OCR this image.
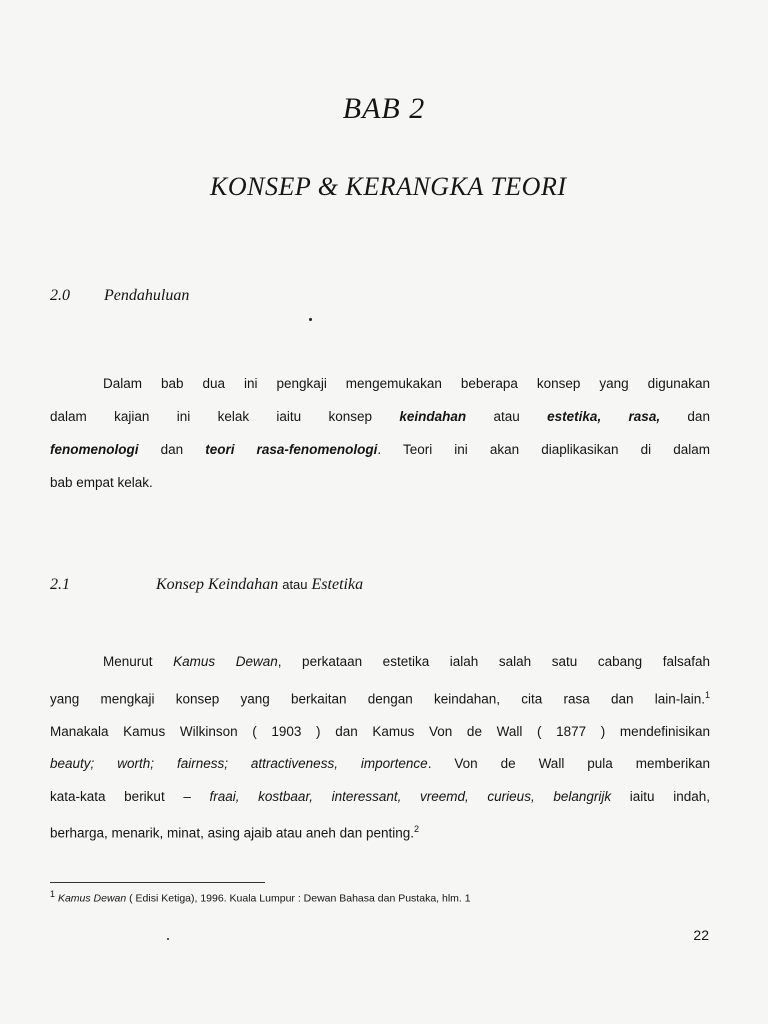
BAB 2
KONSEP & KERANGKA TEORI
2.0 Pendahuluan
Dalam bab dua ini pengkaji mengemukakan beberapa konsep yang digunakan
dalam kajian ini kelak iaitu konsep keindahan atau estetika, rasa, dan
fenomenologi dan teori rasa-fenomenologi. Teori ini akan diaplikasikan di dalam
bab empat kelak.
2.1	Konsep Keindahan atau Estetika
Menurut Kamus Dewan, perkataan estetika ialah salah satu cabang falsafah
yang mengkaji konsep yang berkaitan dengan keindahan, cita rasa dan lain-lain.$^1$
Manakala Kamus Wilkinson ( 1903 ) dan Kamus Von de Wall ( 1877 ) mendefinisikan
beauty; worth; fairness; attractiveness, importence. Von de Wall pula memberikan
kata-kata berikut – fraai, kostbaar, interessant, vreemd, curieus, belangrijk iaitu indah,
berharga, menarik, minat, asing ajaib atau aneh dan penting.$^2$
$^1$ Kamus Dewan ( Edisi Ketiga), 1996. Kuala Lumpur : Dewan Bahasa dan Pustaka, hlm. 1
22
